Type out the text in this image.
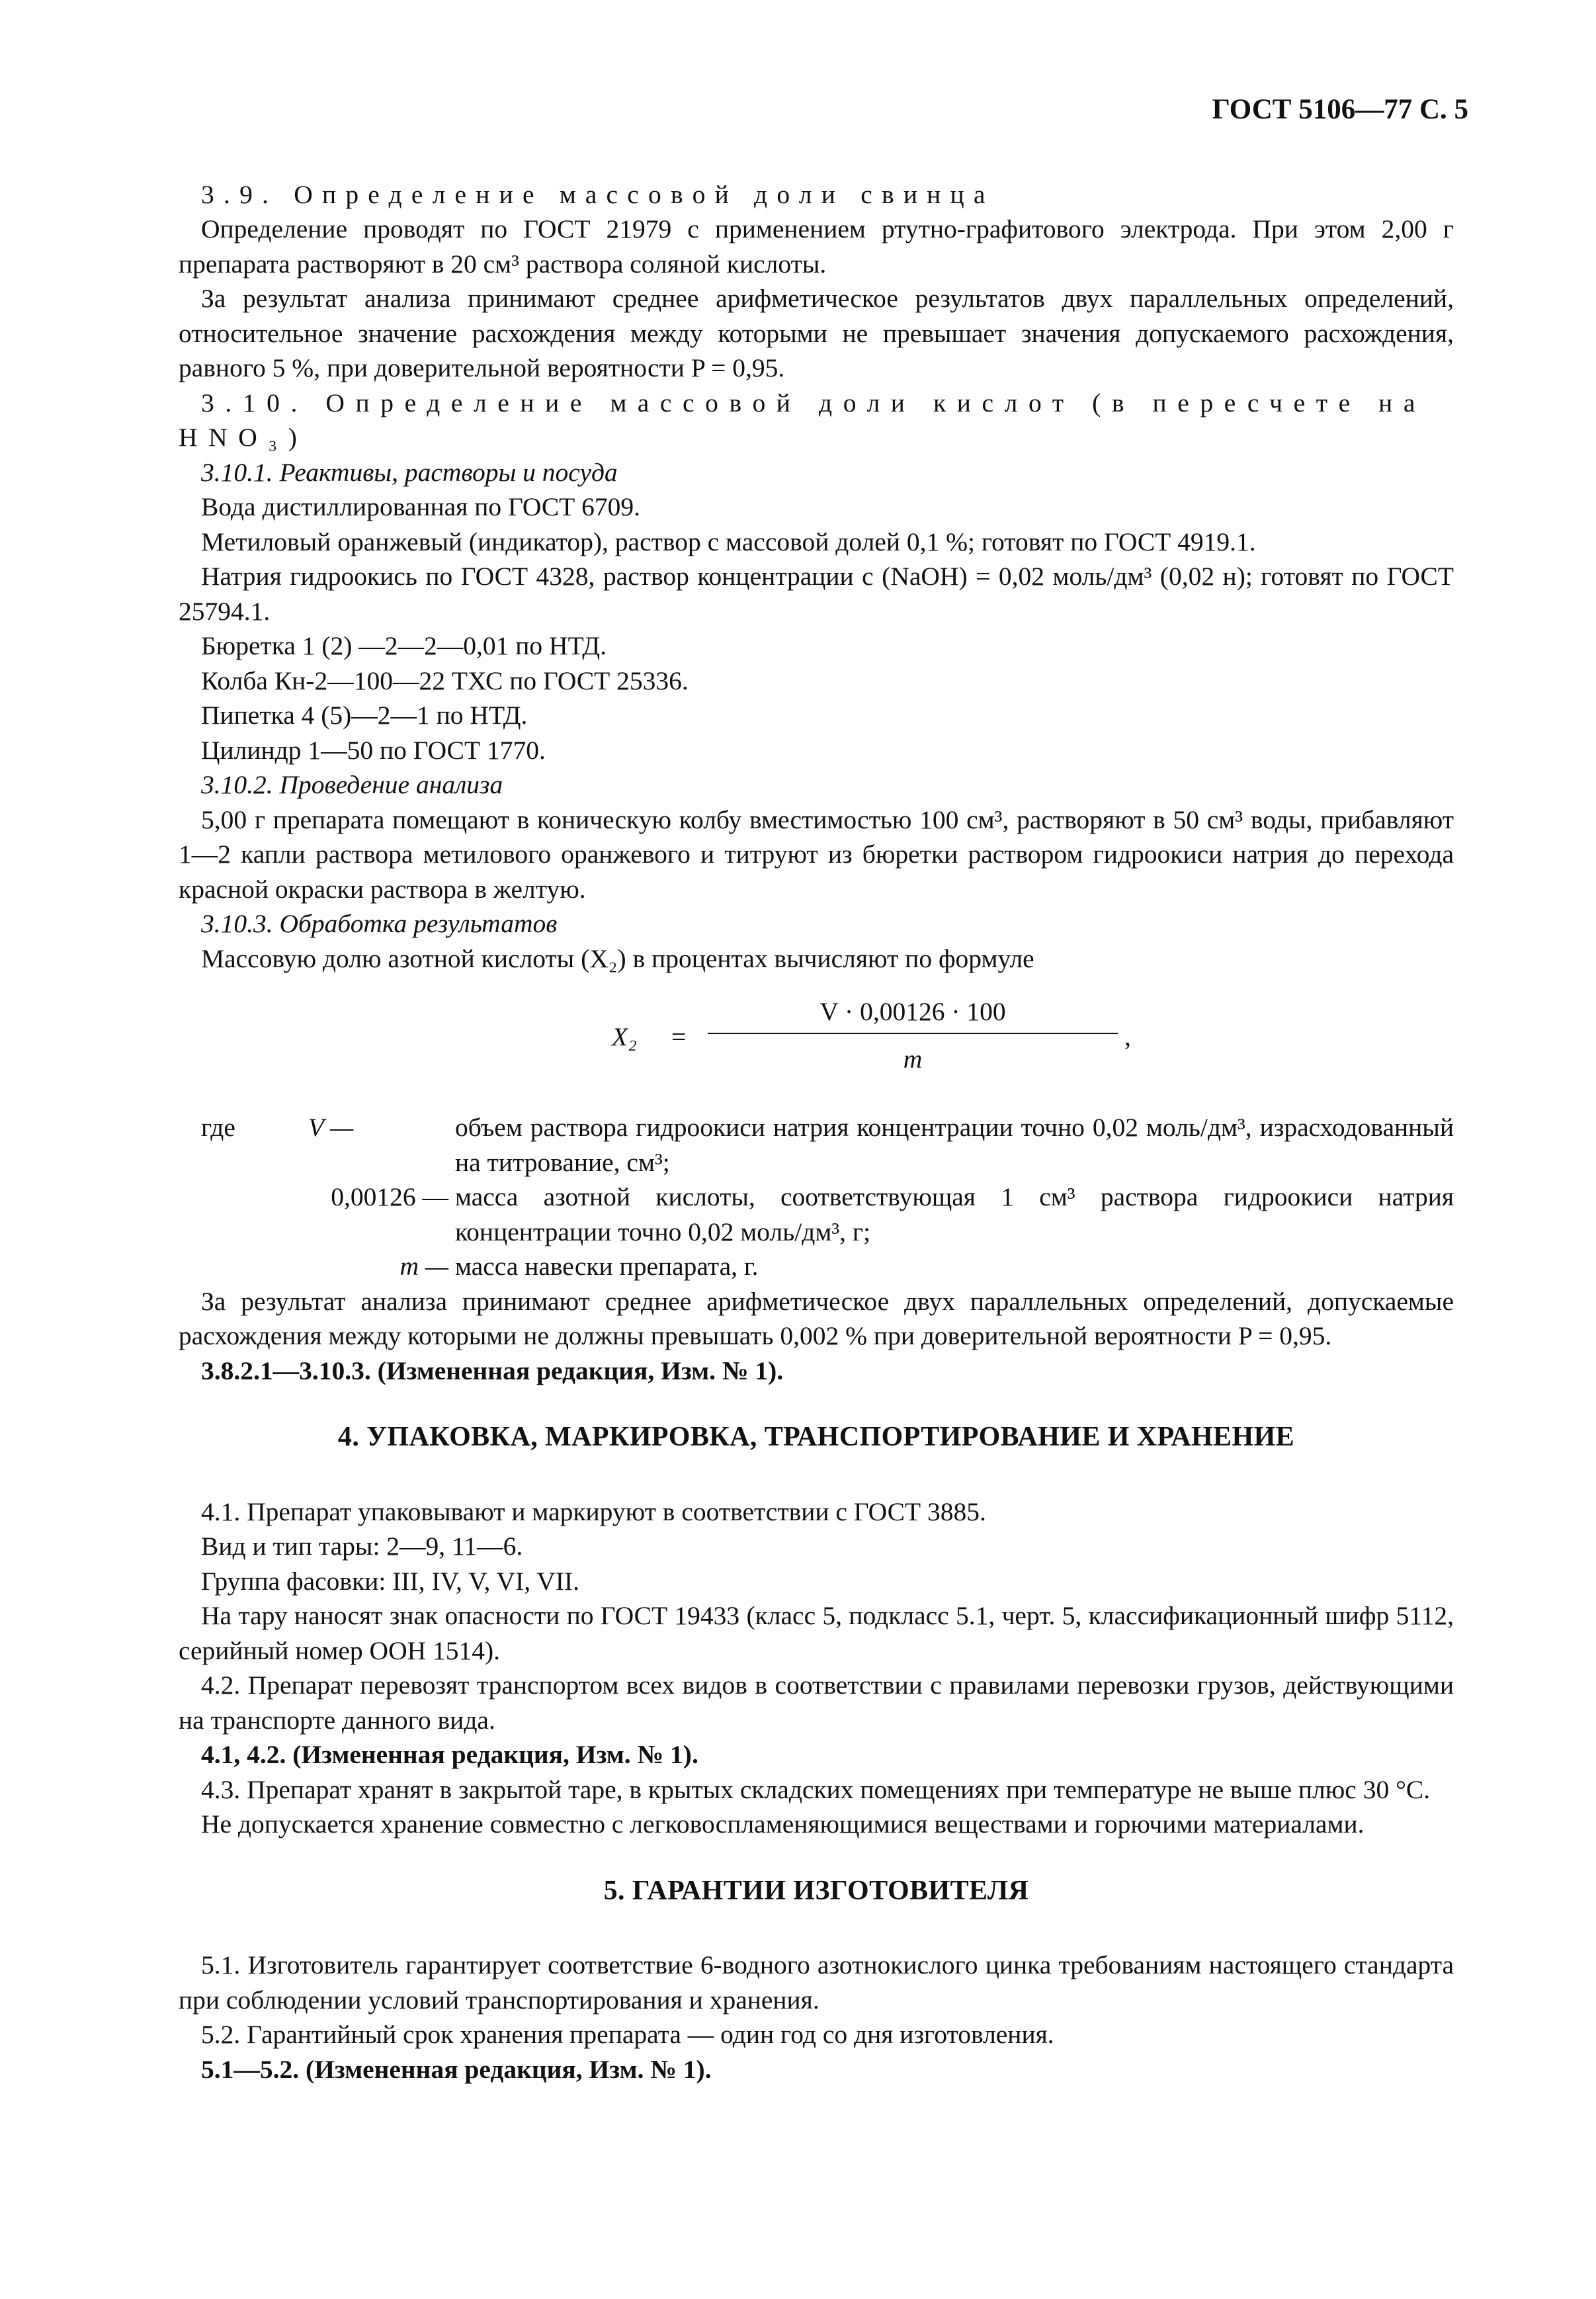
ГОСТ 5106—77 С. 5

3.9. Определение массовой доли свинца

Определение проводят по ГОСТ 21979 с применением ртутно-графитового электрода. При этом 2,00 г препарата растворяют в 20 см³ раствора соляной кислоты.

За результат анализа принимают среднее арифметическое результатов двух параллельных определений, относительное значение расхождения между которыми не превышает значения допускаемого расхождения, равного 5 %, при доверительной вероятности P = 0,95.

3.10. Определение массовой доли кислот (в пересчете на HNO₃)

3.10.1. Реактивы, растворы и посуда

Вода дистиллированная по ГОСТ 6709.

Метиловый оранжевый (индикатор), раствор с массовой долей 0,1 %; готовят по ГОСТ 4919.1.

Натрия гидроокись по ГОСТ 4328, раствор концентрации с (NaOH) = 0,02 моль/дм³ (0,02 н); готовят по ГОСТ 25794.1.

Бюретка 1 (2) —2—2—0,01 по НТД.

Колба Кн-2—100—22 ТХС по ГОСТ 25336.

Пипетка 4 (5)—2—1 по НТД.

Цилиндр 1—50 по ГОСТ 1770.

3.10.2. Проведение анализа

5,00 г препарата помещают в коническую колбу вместимостью 100 см³, растворяют в 50 см³ воды, прибавляют 1—2 капли раствора метилового оранжевого и титруют из бюретки раствором гидроокиси натрия до перехода красной окраски раствора в желтую.

3.10.3. Обработка результатов

Массовую долю азотной кислоты (X₂) в процентах вычисляют по формуле

X₂ =
V · 0,00126 · 100
m
,
где	V —	объем раствора гидроокиси натрия концентрации точно 0,02 моль/дм³, израсходованный на титрование, см³;
0,00126 — масса азотной кислоты, соответствующая 1 см³ раствора гидроокиси натрия концентрации точно 0,02 моль/дм³, г;
m — масса навески препарата, г.

За результат анализа принимают среднее арифметическое двух параллельных определений, допускаемые расхождения между которыми не должны превышать 0,002 % при доверительной вероятности P = 0,95.

3.8.2.1—3.10.3. (Измененная редакция, Изм. № 1).

4. УПАКОВКА, МАРКИРОВКА, ТРАНСПОРТИРОВАНИЕ И ХРАНЕНИЕ

4.1. Препарат упаковывают и маркируют в соответствии с ГОСТ 3885.

Вид и тип тары: 2—9, 11—6.

Группа фасовки: III, IV, V, VI, VII.

На тару наносят знак опасности по ГОСТ 19433 (класс 5, подкласс 5.1, черт. 5, классификационный шифр 5112, серийный номер ООН 1514).

4.2. Препарат перевозят транспортом всех видов в соответствии с правилами перевозки грузов, действующими на транспорте данного вида.

4.1, 4.2. (Измененная редакция, Изм. № 1).

4.3. Препарат хранят в закрытой таре, в крытых складских помещениях при температуре не выше плюс 30 °С.

Не допускается хранение совместно с легковоспламеняющимися веществами и горючими материалами.

5. ГАРАНТИИ ИЗГОТОВИТЕЛЯ

5.1. Изготовитель гарантирует соответствие 6-водного азотнокислого цинка требованиям настоящего стандарта при соблюдении условий транспортирования и хранения.

5.2. Гарантийный срок хранения препарата — один год со дня изготовления.

5.1—5.2. (Измененная редакция, Изм. № 1).
